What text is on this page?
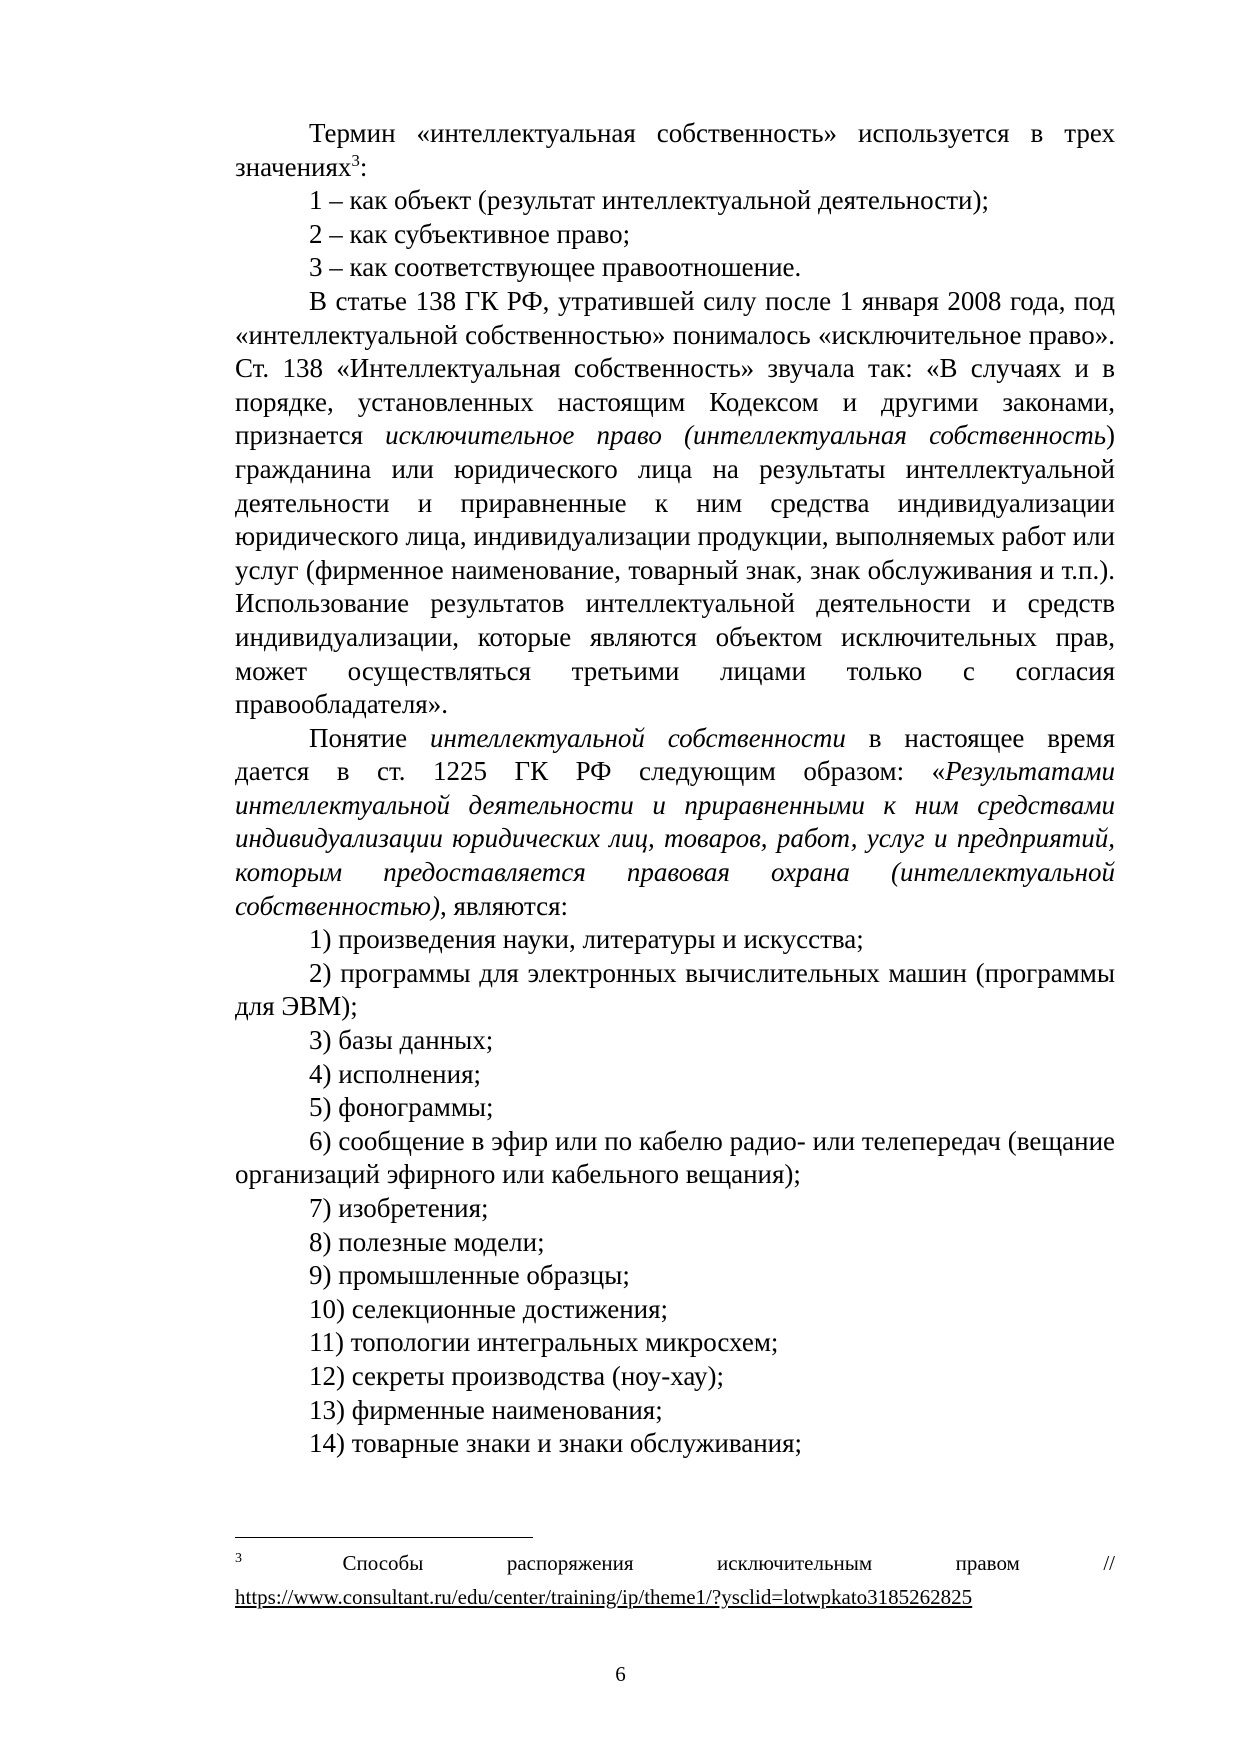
Термин «интеллектуальная собственность» используется в трех значениях$^3$:

1 – как объект (результат интеллектуальной деятельности);

2 – как субъективное право;

3 – как соответствующее правоотношение.

В статье 138 ГК РФ, утратившей силу после 1 января 2008 года, под «интеллектуальной собственностью» понималось «исключительное право». Ст. 138 «Интеллектуальная собственность» звучала так: «В случаях и в порядке, установленных настоящим Кодексом и другими законами, признается исключительное право (интеллектуальная собственность) гражданина или юридического лица на результаты интеллектуальной деятельности и приравненные к ним средства индивидуализации юридического лица, индивидуализации продукции, выполняемых работ или услуг (фирменное наименование, товарный знак, знак обслуживания и т.п.). Использование результатов интеллектуальной деятельности и средств индивидуализации, которые являются объектом исключительных прав, может осуществляться третьими лицами только с согласия правообладателя».

Понятие интеллектуальной собственности в настоящее время дается в ст. 1225 ГК РФ следующим образом: «Результатами интеллектуальной деятельности и приравненными к ним средствами индивидуализации юридических лиц, товаров, работ, услуг и предприятий, которым предоставляется правовая охрана (интеллектуальной собственностью), являются:

1) произведения науки, литературы и искусства;

2) программы для электронных вычислительных машин (программы для ЭВМ);

3) базы данных;

4) исполнения;

5) фонограммы;

6) сообщение в эфир или по кабелю радио- или телепередач (вещание организаций эфирного или кабельного вещания);

7) изобретения;

8) полезные модели;

9) промышленные образцы;

10) селекционные достижения;

11) топологии интегральных микросхем;

12) секреты производства (ноу-хау);

13) фирменные наименования;

14) товарные знаки и знаки обслуживания;

3	Способы	распоряжения	исключительным	правом	//
https://www.consultant.ru/edu/center/training/ip/theme1/?ysclid=lotwpkato3185262825
6
